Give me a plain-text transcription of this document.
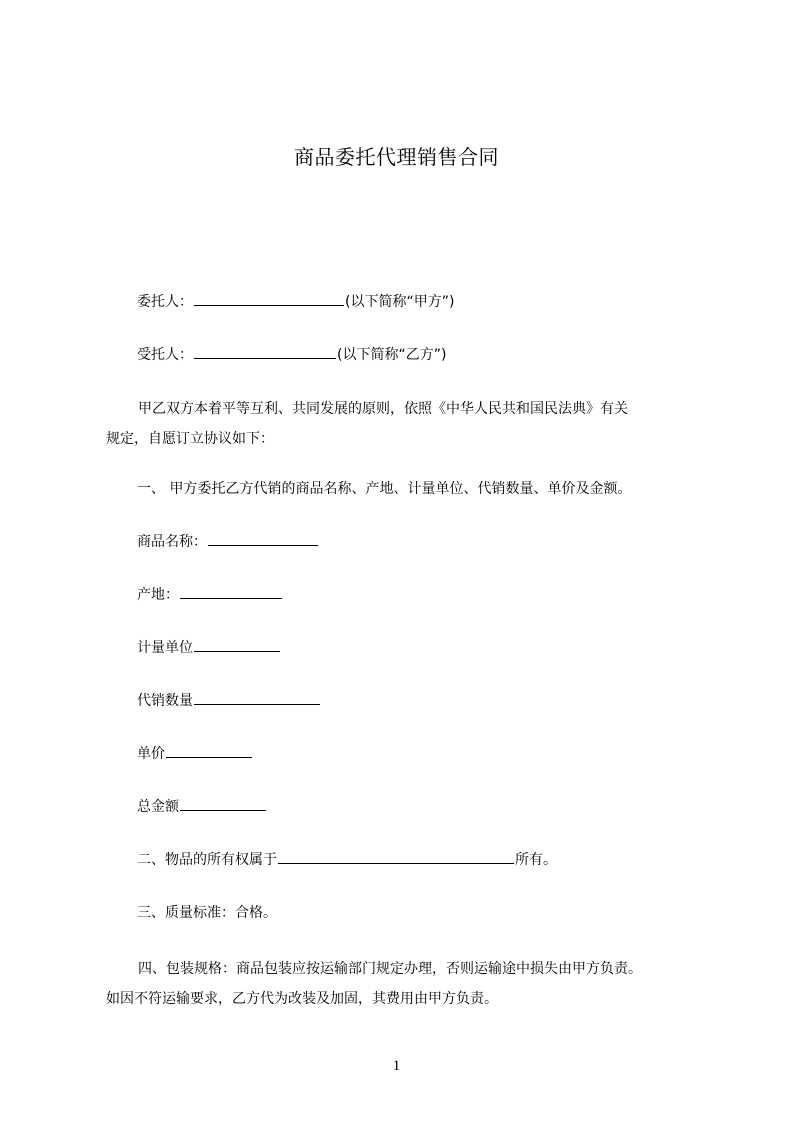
商品委托代理销售合同
委托人：	(以下简称“甲方”)
受托人：	(以下简称“乙方”)
甲乙双方本着平等互利、共同发展的原则，依照《中华人民共和国民法典》有关
规定，自愿订立协议如下：
一、 甲方委托乙方代销的商品名称、产地、计量单位、代销数量、单价及金额。
商品名称：
产地：
计量单位
代销数量
单价
总金额
二、物品的所有权属于	所有。
三、质量标准：合格。
四、包装规格：商品包装应按运输部门规定办理，否则运输途中损失由甲方负责。
如因不符运输要求，乙方代为改装及加固，其费用由甲方负责。
1
